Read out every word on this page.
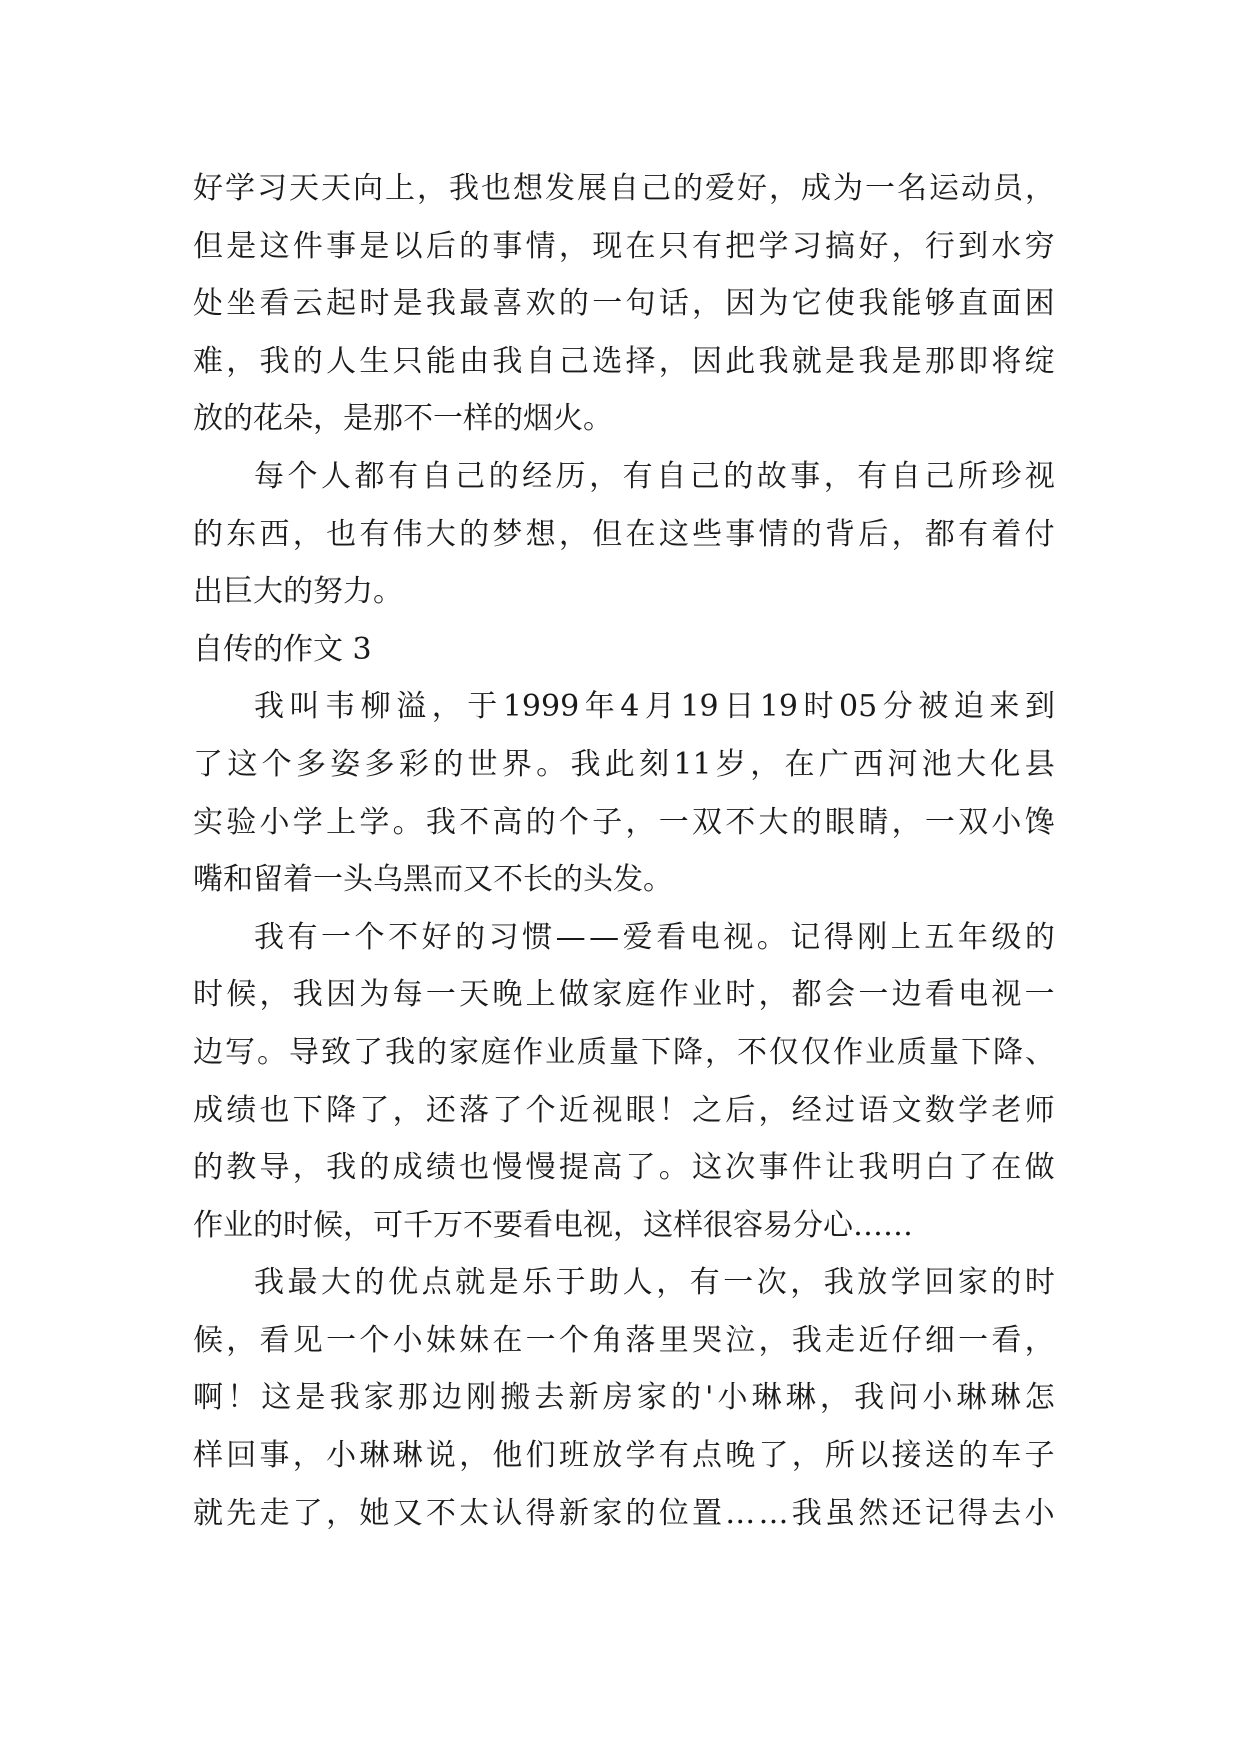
好 学 习 天 天 向 上 ， 我 也 想 发 展 自 己 的 爱 好 ， 成 为 一 名 运 动 员 ，
但 是 这 件 事 是 以 后 的 事 情 ， 现 在 只 有 把 学 习 搞 好 ， 行 到 水 穷
处 坐 看 云 起 时 是 我 最 喜 欢 的 一 句 话 ， 因 为 它 使 我 能 够 直 面 困
难 ， 我 的 人 生 只 能 由 我 自 己 选 择 ， 因 此 我 就 是 我 是 那 即 将 绽
放的花朵，是那不一样的烟火。
每 个 人 都 有 自 己 的 经 历 ， 有 自 己 的 故 事 ， 有 自 己 所 珍 视
的 东 西 ， 也 有 伟 大 的 梦 想 ， 但 在 这 些 事 情 的 背 后 ， 都 有 着 付
出巨大的努力。
自传的作文 3
我 叫 韦 柳 溢 ， 于 1999 年 4 月 19 日 19 时 05 分 被 迫 来 到
了 这 个 多 姿 多 彩 的 世 界 。 我 此 刻 11 岁 ， 在 广 西 河 池 大 化 县
实 验 小 学 上 学 。 我 不 高 的 个 子 ， 一 双 不 大 的 眼 睛 ， 一 双 小 馋
嘴和留着一头乌黑而又不长的头发。
我 有 一 个 不 好 的 习 惯 — — 爱 看 电 视 。 记 得 刚 上 五 年 级 的
时 候 ， 我 因 为 每 一 天 晚 上 做 家 庭 作 业 时 ， 都 会 一 边 看 电 视 一
边 写 。 导 致 了 我 的 家 庭 作 业 质 量 下 降 ， 不 仅 仅 作 业 质 量 下 降 、
成 绩 也 下 降 了 ， 还 落 了 个 近 视 眼 ！ 之 后 ， 经 过 语 文 数 学 老 师
的 教 导 ， 我 的 成 绩 也 慢 慢 提 高 了 。 这 次 事 件 让 我 明 白 了 在 做
作业的时候，可千万不要看电视，这样很容易分心……
我 最 大 的 优 点 就 是 乐 于 助 人 ， 有 一 次 ， 我 放 学 回 家 的 时
候 ， 看 见 一 个 小 妹 妹 在 一 个 角 落 里 哭 泣 ， 我 走 近 仔 细 一 看 ，
啊 ！ 这 是 我 家 那 边 刚 搬 去 新 房 家 的 ' 小 琳 琳 ， 我 问 小 琳 琳 怎
样 回 事 ， 小 琳 琳 说 ， 他 们 班 放 学 有 点 晚 了 ， 所 以 接 送 的 车 子
就 先 走 了 ， 她 又 不 太 认 得 新 家 的 位 置 … … 我 虽 然 还 记 得 去 小
